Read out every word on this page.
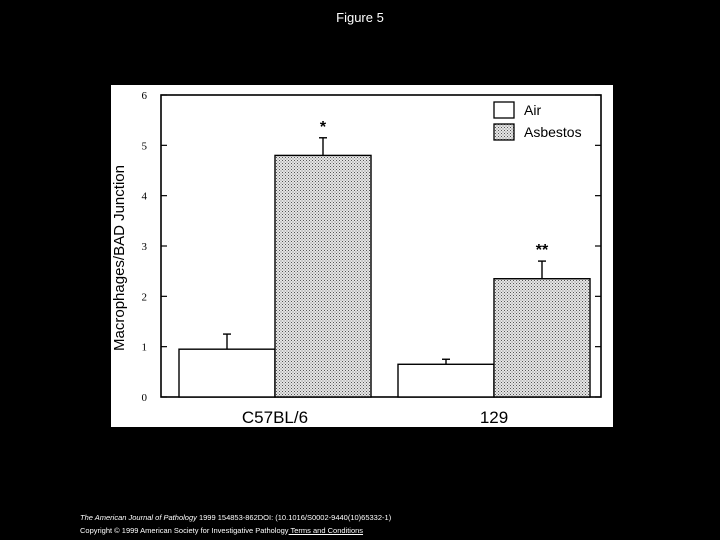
Figure 5
0
1
2
3
4
5
6
*
**
C57BL/6	129
Air
Asbestos
Macrophages/BAD Junction
The American Journal of Pathology 1999 154853-862DOI: (10.1016/S0002-9440(10)65332-1)
Copyright © 1999 American Society for Investigative Pathology Terms and Conditions
